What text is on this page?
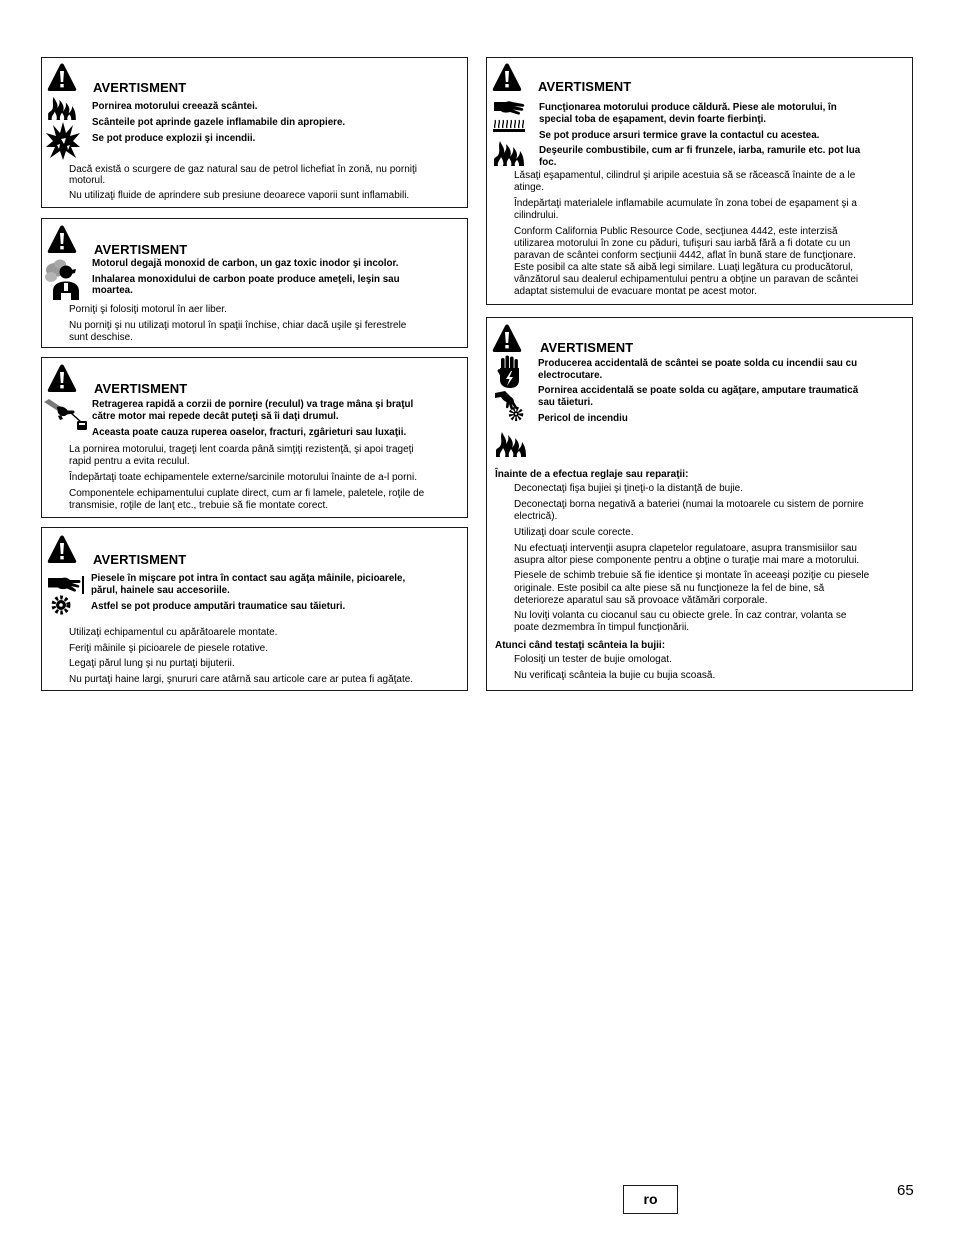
AVERTISMENT
Pornirea motorului creează scântei.
Scânteile pot aprinde gazele inflamabile din apropiere.
Se pot produce explozii şi incendii.
Dacă există o scurgere de gaz natural sau de petrol lichefiat în zonă, nu porniţi
motorul.
Nu utilizaţi fluide de aprindere sub presiune deoarece vaporii sunt inflamabili.
AVERTISMENT
Motorul degajă monoxid de carbon, un gaz toxic inodor şi incolor.
Inhalarea monoxidului de carbon poate produce ameţeli, leşin sau
moartea.
Porniţi şi folosiţi motorul în aer liber.
Nu porniţi şi nu utilizaţi motorul în spaţii închise, chiar dacă uşile şi ferestrele
sunt deschise.
AVERTISMENT
Retragerea rapidă a corzii de pornire (reculul) va trage mâna şi braţul
către motor mai repede decât puteţi să îi daţi drumul.
Aceasta poate cauza ruperea oaselor, fracturi, zgârieturi sau luxaţii.
La pornirea motorului, trageţi lent coarda până simţiţi rezistenţă, şi apoi trageţi
rapid pentru a evita reculul.
Îndepărtaţi toate echipamentele externe/sarcinile motorului înainte de a-l porni.
Componentele echipamentului cuplate direct, cum ar fi lamele, paletele, roţile de
transmisie, roţile de lanţ etc., trebuie să fie montate corect.
AVERTISMENT
Piesele în mişcare pot intra în contact sau agăţa mâinile, picioarele,
părul, hainele sau accesoriile.
Astfel se pot produce amputări traumatice sau tăieturi.
Utilizaţi echipamentul cu apărătoarele montate.
Feriţi mâinile şi picioarele de piesele rotative.
Legaţi părul lung şi nu purtaţi bijuterii.
Nu purtaţi haine largi, şnururi care atârnă sau articole care ar putea fi agăţate.
AVERTISMENT
Funcţionarea motorului produce căldură. Piese ale motorului, în
special toba de eşapament, devin foarte fierbinţi.
Se pot produce arsuri termice grave la contactul cu acestea.
Deşeurile combustibile, cum ar fi frunzele, iarba, ramurile etc. pot lua
foc.
Lăsaţi eşapamentul, cilindrul şi aripile acestuia să se răcească înainte de a le
atinge.
Îndepărtaţi materialele inflamabile acumulate în zona tobei de eşapament şi a
cilindrului.
Conform California Public Resource Code, secţiunea 4442, este interzisă
utilizarea motorului în zone cu păduri, tufişuri sau iarbă fără a fi dotate cu un
paravan de scântei conform secţiunii 4442, aflat în bună stare de funcţionare.
Este posibil ca alte state să aibă legi similare. Luaţi legătura cu producătorul,
vânzătorul sau dealerul echipamentului pentru a obţine un paravan de scântei
adaptat sistemului de evacuare montat pe acest motor.
AVERTISMENT
Producerea accidentală de scântei se poate solda cu incendii sau cu
electrocutare.
Pornirea accidentală se poate solda cu agăţare, amputare traumatică
sau tăieturi.
Pericol de incendiu
Înainte de a efectua reglaje sau reparaţii:
Deconectaţi fişa bujiei şi ţineţi-o la distanţă de bujie.
Deconectaţi borna negativă a bateriei (numai la motoarele cu sistem de pornire
electrică).
Utilizaţi doar scule corecte.
Nu efectuaţi intervenţii asupra clapetelor regulatoare, asupra transmisiilor sau
asupra altor piese componente pentru a obţine o turaţie mai mare a motorului.
Piesele de schimb trebuie să fie identice şi montate în aceeaşi poziţie cu piesele
originale. Este posibil ca alte piese să nu funcţioneze la fel de bine, să
deterioreze aparatul sau să provoace vătămări corporale.
Nu loviţi volanta cu ciocanul sau cu obiecte grele. În caz contrar, volanta se
poate dezmembra în timpul funcţionării.
Atunci când testaţi scânteia la bujii:
Folosiţi un tester de bujie omologat.
Nu verificaţi scânteia la bujie cu bujia scoasă.
ro	65
